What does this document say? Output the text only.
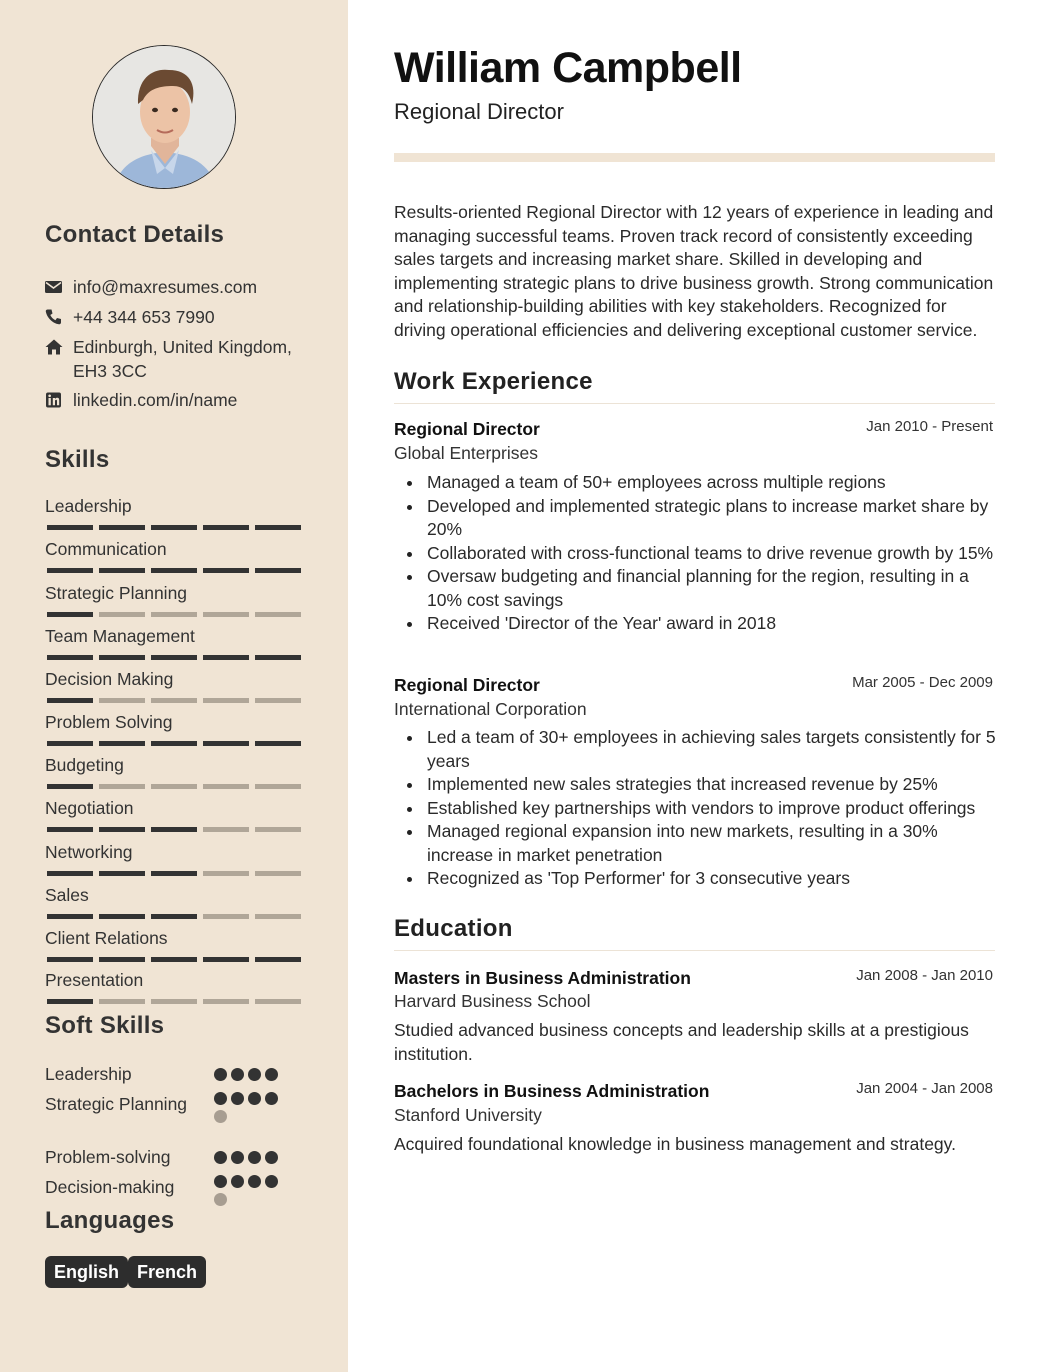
Contact Details
info@maxresumes.com
+44 344 653 7990
Edinburgh, United Kingdom, EH3 3CC
linkedin.com/in/name
Skills
Leadership
Communication
Strategic Planning
Team Management
Decision Making
Problem Solving
Budgeting
Negotiation
Networking
Sales
Client Relations
Presentation
Soft Skills
Leadership
Strategic Planning
Problem-solving
Decision-making
Languages
English French
William Campbell
Regional Director
Results-oriented Regional Director with 12 years of experience in leading and managing successful teams. Proven track record of consistently exceeding sales targets and increasing market share. Skilled in developing and implementing strategic plans to drive business growth. Strong communication and relationship-building abilities with key stakeholders. Recognized for driving operational efficiencies and delivering exceptional customer service.
Work Experience
Regional Director	Jan 2010 - Present
Global Enterprises
Managed a team of 50+ employees across multiple regions
Developed and implemented strategic plans to increase market share by 20%
Collaborated with cross-functional teams to drive revenue growth by 15%
Oversaw budgeting and financial planning for the region, resulting in a 10% cost savings
Received 'Director of the Year' award in 2018
Regional Director	Mar 2005 - Dec 2009
International Corporation
Led a team of 30+ employees in achieving sales targets consistently for 5 years
Implemented new sales strategies that increased revenue by 25%
Established key partnerships with vendors to improve product offerings
Managed regional expansion into new markets, resulting in a 30% increase in market penetration
Recognized as 'Top Performer' for 3 consecutive years
Education
Masters in Business Administration	Jan 2008 - Jan 2010
Harvard Business School
Studied advanced business concepts and leadership skills at a prestigious institution.
Bachelors in Business Administration	Jan 2004 - Jan 2008
Stanford University
Acquired foundational knowledge in business management and strategy.
